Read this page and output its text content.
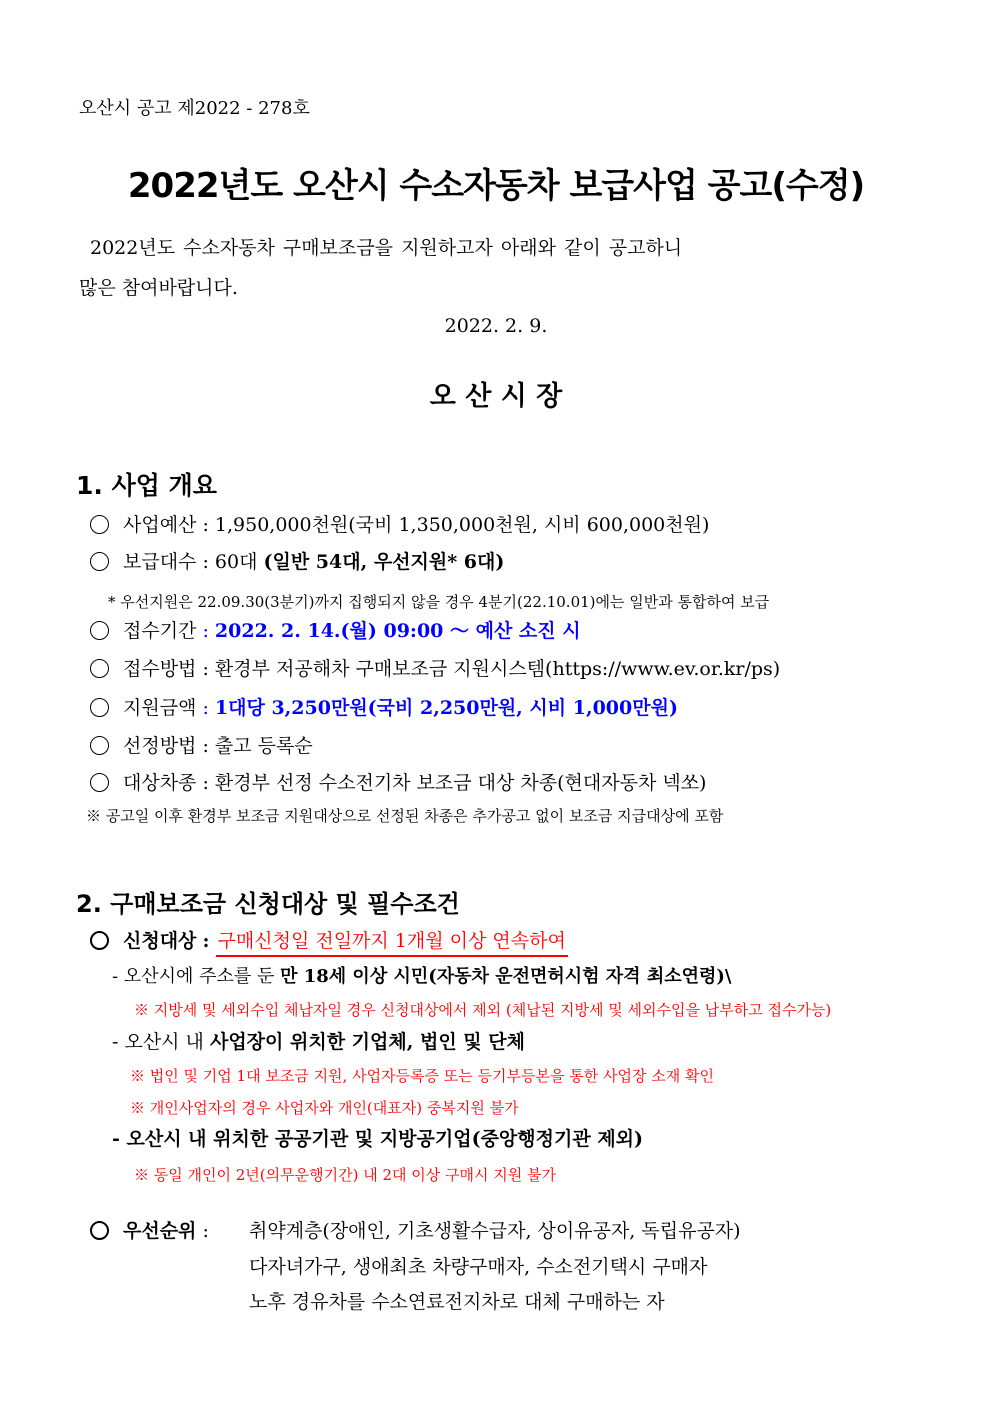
오산시 공고 제2022 - 278호
2022년도 오산시 수소자동차 보급사업 공고(수정)
2022년도 수소자동차 구매보조금을 지원하고자 아래와 같이 공고하니
많은 참여바랍니다.
2022. 2. 9.
오 산 시 장
1. 사업 개요
사업예산 : 1,950,000천원(국비 1,350,000천원, 시비 600,000천원)
보급대수 : 60대 (일반 54대, 우선지원* 6대)
* 우선지원은 22.09.30(3분기)까지 집행되지 않을 경우 4분기(22.10.01)에는 일반과 통합하여 보급
접수기간 : 2022. 2. 14.(월) 09:00 ～ 예산 소진 시
접수방법 : 환경부 저공해차 구매보조금 지원시스템(https://www.ev.or.kr/ps)
지원금액 : 1대당 3,250만원(국비 2,250만원, 시비 1,000만원)
선정방법 : 출고 등록순
대상차종 : 환경부 선정 수소전기차 보조금 대상 차종(현대자동차 넥쏘)
※ 공고일 이후 환경부 보조금 지원대상으로 선정된 차종은 추가공고 없이 보조금 지급대상에 포함
2. 구매보조금 신청대상 및 필수조건
신청대상 : 구매신청일 전일까지 1개월 이상 연속하여
- 오산시에 주소를 둔 만 18세 이상 시민(자동차 운전면허시험 자격 최소연령)\
※ 지방세 및 세외수입 체납자일 경우 신청대상에서 제외 (체납된 지방세 및 세외수입을 납부하고 접수가능)
- 오산시 내 사업장이 위치한 기업체, 법인 및 단체
※ 법인 및 기업 1대 보조금 지원, 사업자등록증 또는 등기부등본을 통한 사업장 소재 확인
※ 개인사업자의 경우 사업자와 개인(대표자) 중복지원 불가
- 오산시 내 위치한 공공기관 및 지방공기업(중앙행정기관 제외)
※ 동일 개인이 2년(의무운행기간) 내 2대 이상 구매시 지원 불가
우선순위 : 취약계층(장애인, 기초생활수급자, 상이유공자, 독립유공자)
다자녀가구, 생애최초 차량구매자, 수소전기택시 구매자
노후 경유차를 수소연료전지차로 대체 구매하는 자
